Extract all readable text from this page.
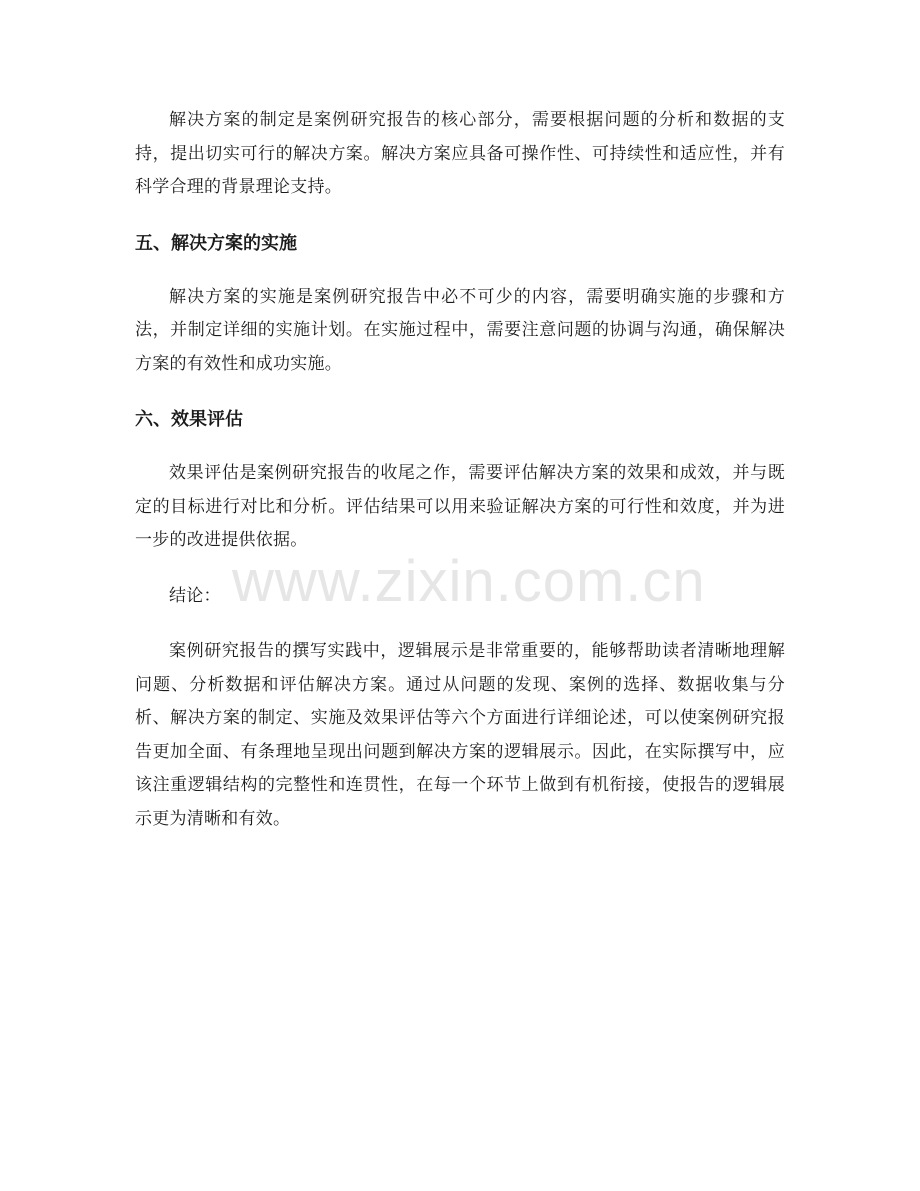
解决方案的制定是案例研究报告的核心部分，需要根据问题的分析和数据的支持，提出切实可行的解决方案。解决方案应具备可操作性、可持续性和适应性，并有科学合理的背景理论支持。

五、解决方案的实施

解决方案的实施是案例研究报告中必不可少的内容，需要明确实施的步骤和方法，并制定详细的实施计划。在实施过程中，需要注意问题的协调与沟通，确保解决方案的有效性和成功实施。

六、效果评估

效果评估是案例研究报告的收尾之作，需要评估解决方案的效果和成效，并与既定的目标进行对比和分析。评估结果可以用来验证解决方案的可行性和效度，并为进一步的改进提供依据。

结论：

案例研究报告的撰写实践中，逻辑展示是非常重要的，能够帮助读者清晰地理解问题、分析数据和评估解决方案。通过从问题的发现、案例的选择、数据收集与分析、解决方案的制定、实施及效果评估等六个方面进行详细论述，可以使案例研究报告更加全面、有条理地呈现出问题到解决方案的逻辑展示。因此，在实际撰写中，应该注重逻辑结构的完整性和连贯性，在每一个环节上做到有机衔接，使报告的逻辑展示更为清晰和有效。

www.zixin.com.cn
